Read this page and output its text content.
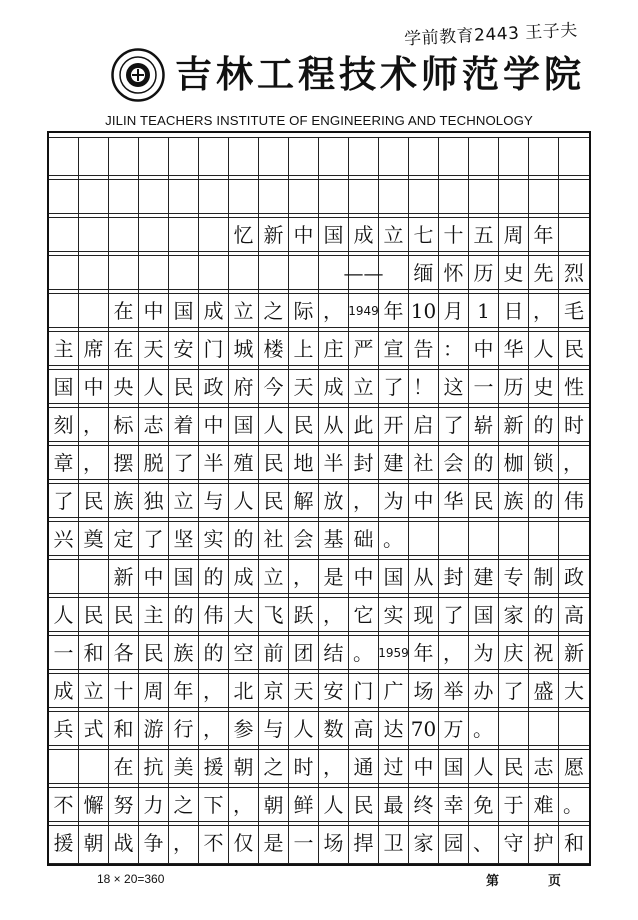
学前教育2443 王子夫
吉林工程技术师范学院
JILIN TEACHERS INSTITUTE OF ENGINEERING AND TECHNOLOGY
忆 新 中 国 成 立 七 十 五 周 年
—— 缅 怀 历 史 先 烈
在 中 国 成 立 之 际 ， 1949 年 10 月 1 日 ， 毛
主 席 在 天 安 门 城 楼 上 庄 严 宣 告 ： 中 华 人 民
国 中 央 人 民 政 府 今 天 成 立 了 ！ 这 一 历 史 性
刻 ， 标 志 着 中 国 人 民 从 此 开 启 了 崭 新 的 时
章 ， 摆 脱 了 半 殖 民 地 半 封 建 社 会 的 枷 锁 ，
了 民 族 独 立 与 人 民 解 放 ， 为 中 华 民 族 的 伟
兴 奠 定 了 坚 实 的 社 会 基 础 。
新 中 国 的 成 立 ， 是 中 国 从 封 建 专 制 政
人 民 民 主 的 伟 大 飞 跃 ， 它 实 现 了 国 家 的 高
一 和 各 民 族 的 空 前 团 结 。 1959 年 ， 为 庆 祝 新
成 立 十 周 年 ， 北 京 天 安 门 广 场 举 办 了 盛 大
兵 式 和 游 行 ， 参 与 人 数 高 达 70 万 。
在 抗 美 援 朝 之 时 ， 通 过 中 国 人 民 志 愿
不 懈 努 力 之 下 ， 朝 鲜 人 民 最 终 幸 免 于 难 。
援 朝 战 争 ， 不 仅 是 一 场 捍 卫 家 园 、 守 护 和
18 × 20=360	第	页
